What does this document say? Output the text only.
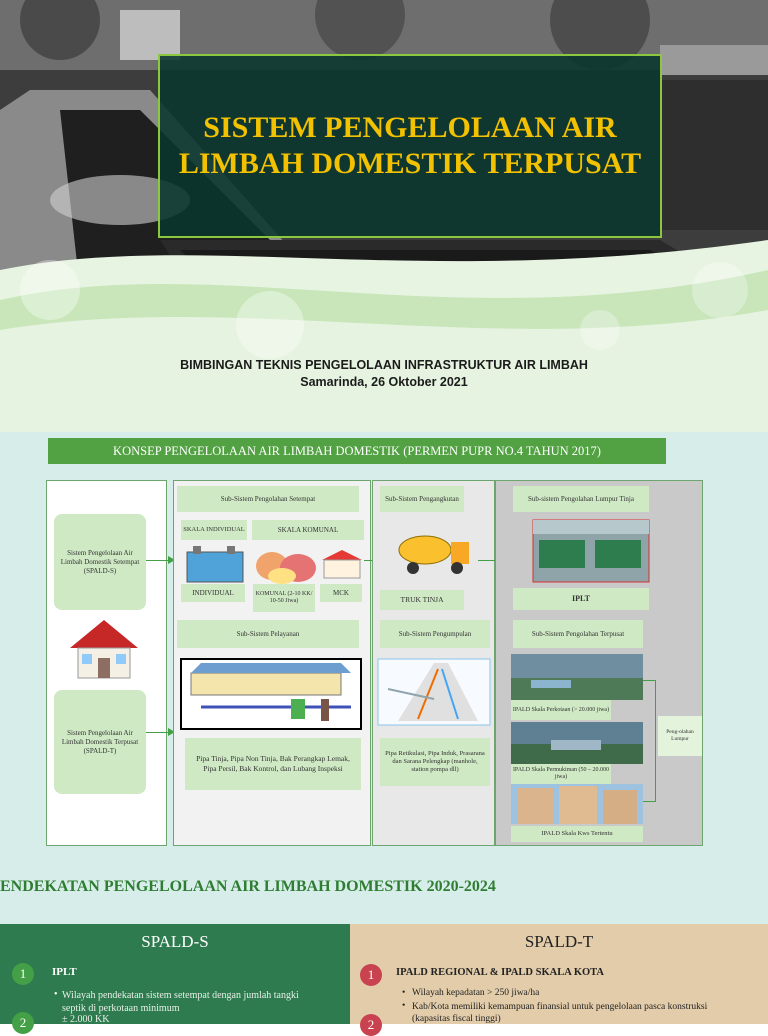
SISTEM PENGELOLAAN AIR LIMBAH DOMESTIK TERPUSAT
BIMBINGAN TEKNIS PENGELOLAAN INFRASTRUKTUR AIR LIMBAH
Samarinda, 26 Oktober 2021
KONSEP PENGELOLAAN AIR LIMBAH DOMESTIK (PERMEN PUPR NO.4 TAHUN 2017)
Sistem Pengelolaan Air Limbah Domestik Setempat (SPALD-S)
Sistem Pengelolaan Air Limbah Domestik Terpusat (SPALD-T)
Sub-Sistem Pengolahan Setempat
SKALA INDIVIDUAL	SKALA KOMUNAL
INDIVIDUAL	KOMUNAL (2-10 KK/ 10-50 Jiwa)
MCK
Sub-Sistem Pelayanan
Pipa Tinja, Pipa Non Tinja, Bak Perangkap Lemak, Pipa Persil, Bak Kontrol, dan Lubang Inspeksi
Sub-Sistem Pengangkutan
TRUK TINJA
Sub-Sistem Pengumpulan
Pipa Retikulasi, Pipa Induk, Prasarana dan Sarana Pelengkap (manhole, station pompa dll)
Sub-sistem Pengolahan Lumpur Tinja
IPLT
Sub-Sistem Pengolahan Terpusat
IPALD Skala Perkotaan (> 20.000 jiwa)
IPALD Skala Permukiman (50 – 20.000 jiwa)
IPALD Skala Kws Tertentu
Peng-olahan Lumpur
ENDEKATAN PENGELOLAAN AIR LIMBAH DOMESTIK 2020-2024
SPALD-S
1	IPLT
• Wilayah pendekatan sistem setempat dengan jumlah tangki septik di perkotaan minimum
± 2.000 KK
2
SPALD-T
1	IPALD REGIONAL & IPALD SKALA KOTA
• Wilayah kepadatan > 250 jiwa/ha
• Kab/Kota memiliki kemampuan finansial untuk pengelolaan pasca konstruksi (kapasitas fiscal tinggi)
2
